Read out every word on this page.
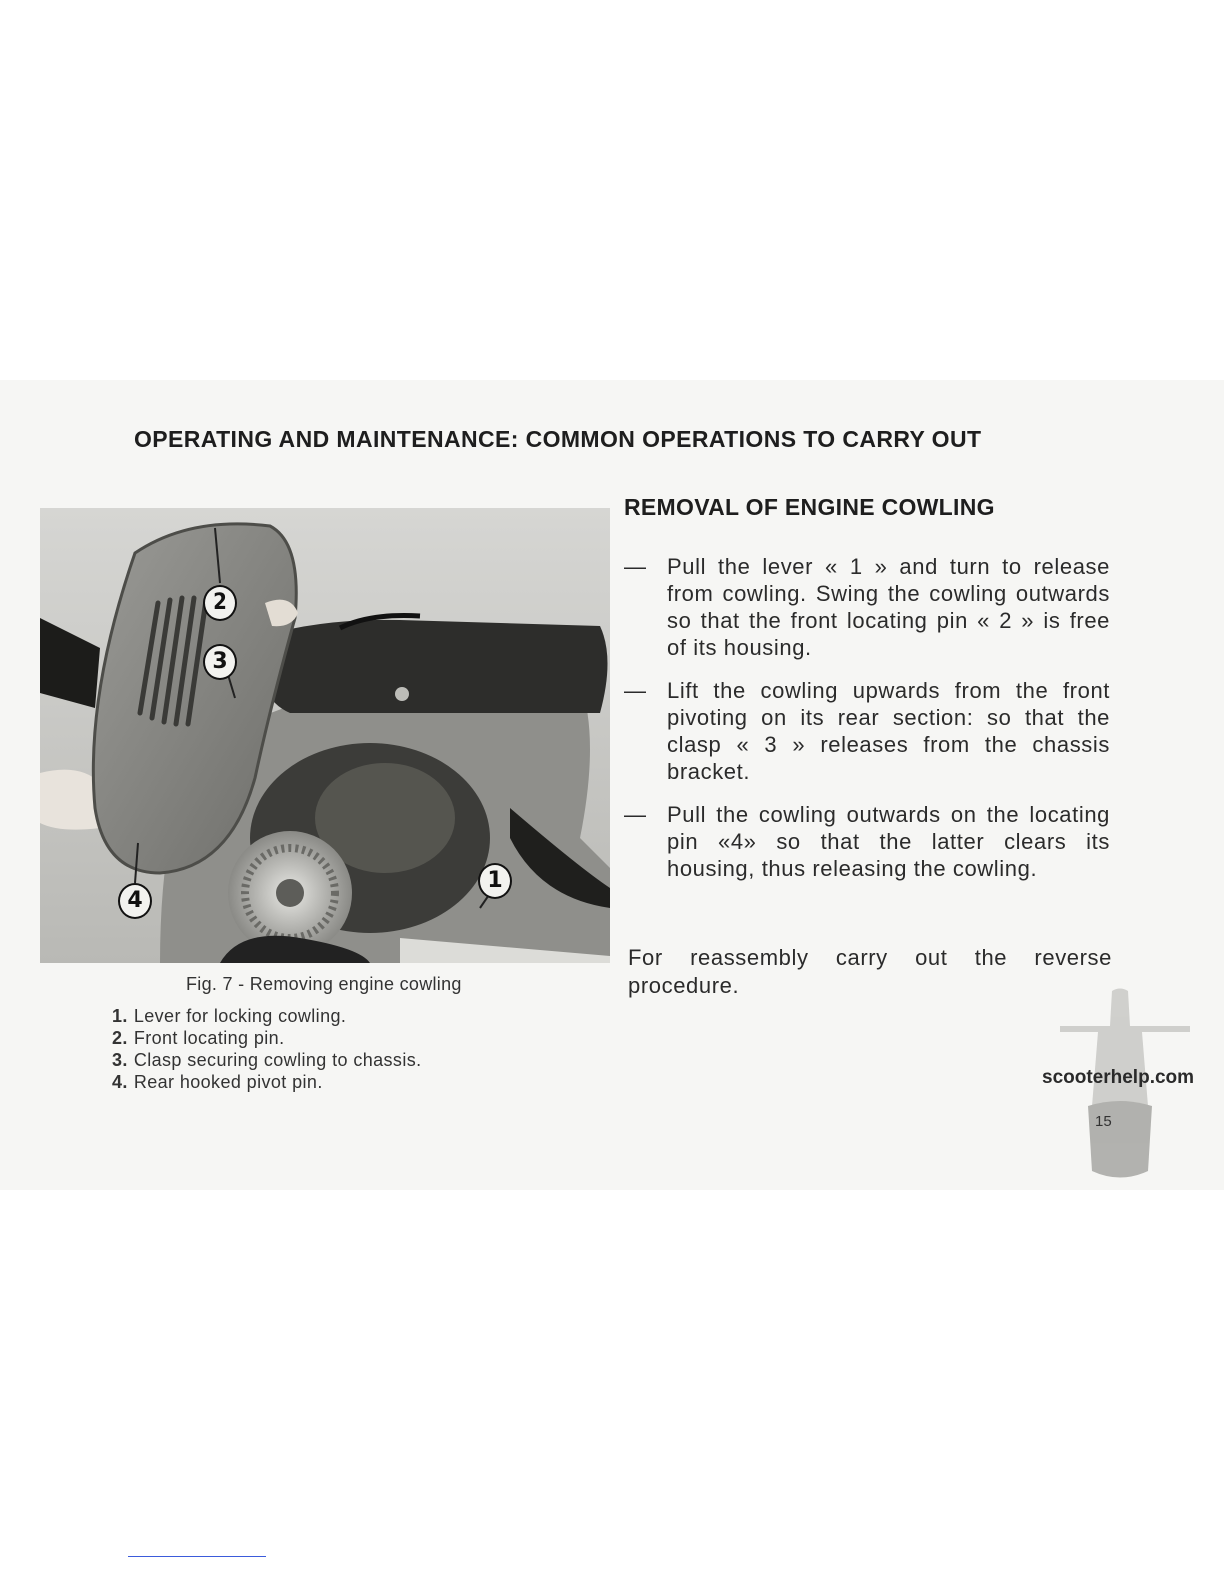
OPERATING AND MAINTENANCE: COMMON OPERATIONS TO CARRY OUT
2
3
4
1
Fig. 7 - Removing engine cowling
1. Lever for locking cowling.
2. Front locating pin.
3. Clasp securing cowling to chassis.
4. Rear hooked pivot pin.
REMOVAL OF ENGINE COWLING
— Pull the lever « 1 » and turn to release from cowling. Swing the cowling outwards so that the front locating pin « 2 » is free of its housing.
— Lift the cowling upwards from the front pivoting on its rear section: so that the clasp « 3 » releases from the chassis bracket.
— Pull the cowling outwards on the locating pin «4» so that the latter clears its housing, thus releasing the cowling.
For reassembly carry out the reverse procedure.
scooterhelp.com
15
